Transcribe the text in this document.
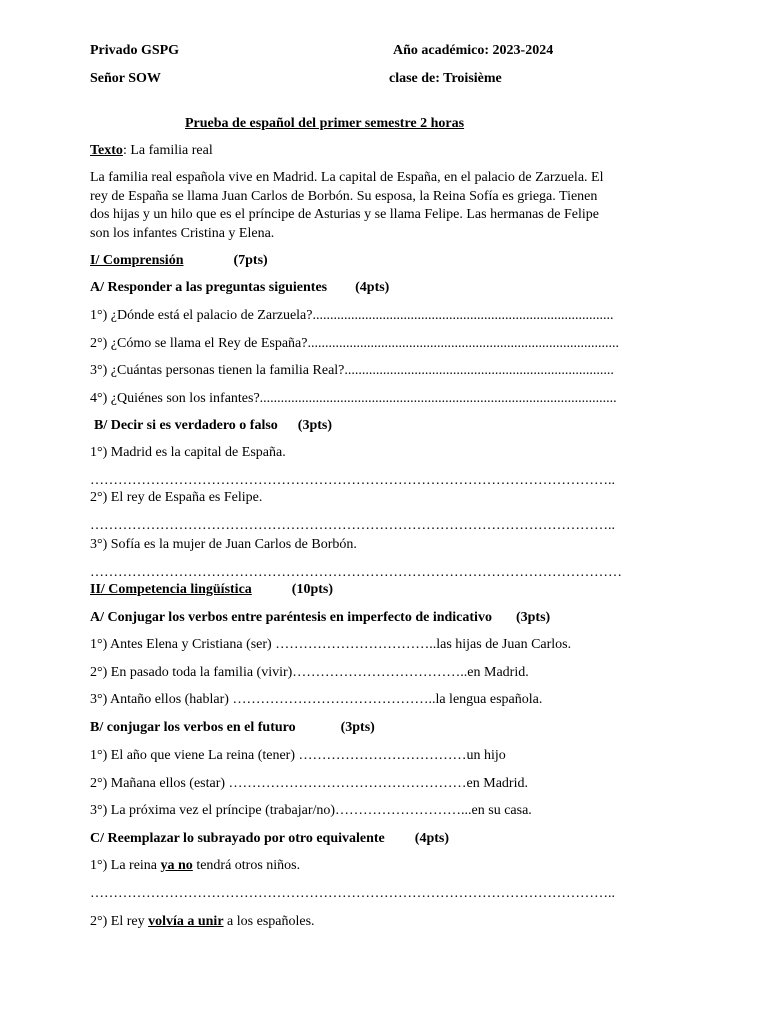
Privado GSPG	Año académico: 2023-2024
Señor SOW	clase de: Troisième
Prueba de español del primer semestre 2 horas
Texto: La familia real
La familia real española vive en Madrid. La capital de España, en el palacio de Zarzuela. El
rey de España se llama Juan Carlos de Borbón. Su esposa, la Reina Sofía es griega. Tienen
dos hijas y un hilo que es el príncipe de Asturias y se llama Felipe. Las hermanas de Felipe
son los infantes Cristina y Elena.
I/ Comprensión	(7pts)
A/ Responder a las preguntas siguientes (4pts)
1°) ¿Dónde está el palacio de Zarzuela?......................................................................................
2°) ¿Cómo se llama el Rey de España?.........................................................................................
3°) ¿Cuántas personas tienen la familia Real?.............................................................................
4°) ¿Quiénes son los infantes?......................................................................................................
B/ Decir si es verdadero o falso (3pts)
1°) Madrid es la capital de España.
…………………………………………………………………………………………………..
2°) El rey de España es Felipe.
…………………………………………………………………………………………………..
3°) Sofía es la mujer de Juan Carlos de Borbón.
……………………………………………………………………………………………………
II/ Competencia lingüística	(10pts)
A/ Conjugar los verbos entre paréntesis en imperfecto de indicativo (3pts)
1°) Antes Elena y Cristiana (ser) ……………………………..las hijas de Juan Carlos.
2°) En pasado toda la familia (vivir)………………………………..en Madrid.
3°) Antaño ellos (hablar) ……………………………………..la lengua española.
B/ conjugar los verbos en el futuro	(3pts)
1°) El año que viene La reina (tener) ………………………………un hijo
2°) Mañana ellos (estar) ……………………………………………en Madrid.
3°) La próxima vez el príncipe (trabajar/no)………………………...en su casa.
C/ Reemplazar lo subrayado por otro equivalente (4pts)
1°) La reina ya no tendrá otros niños.
…………………………………………………………………………………………………..
2°) El rey volvía a unir a los españoles.
